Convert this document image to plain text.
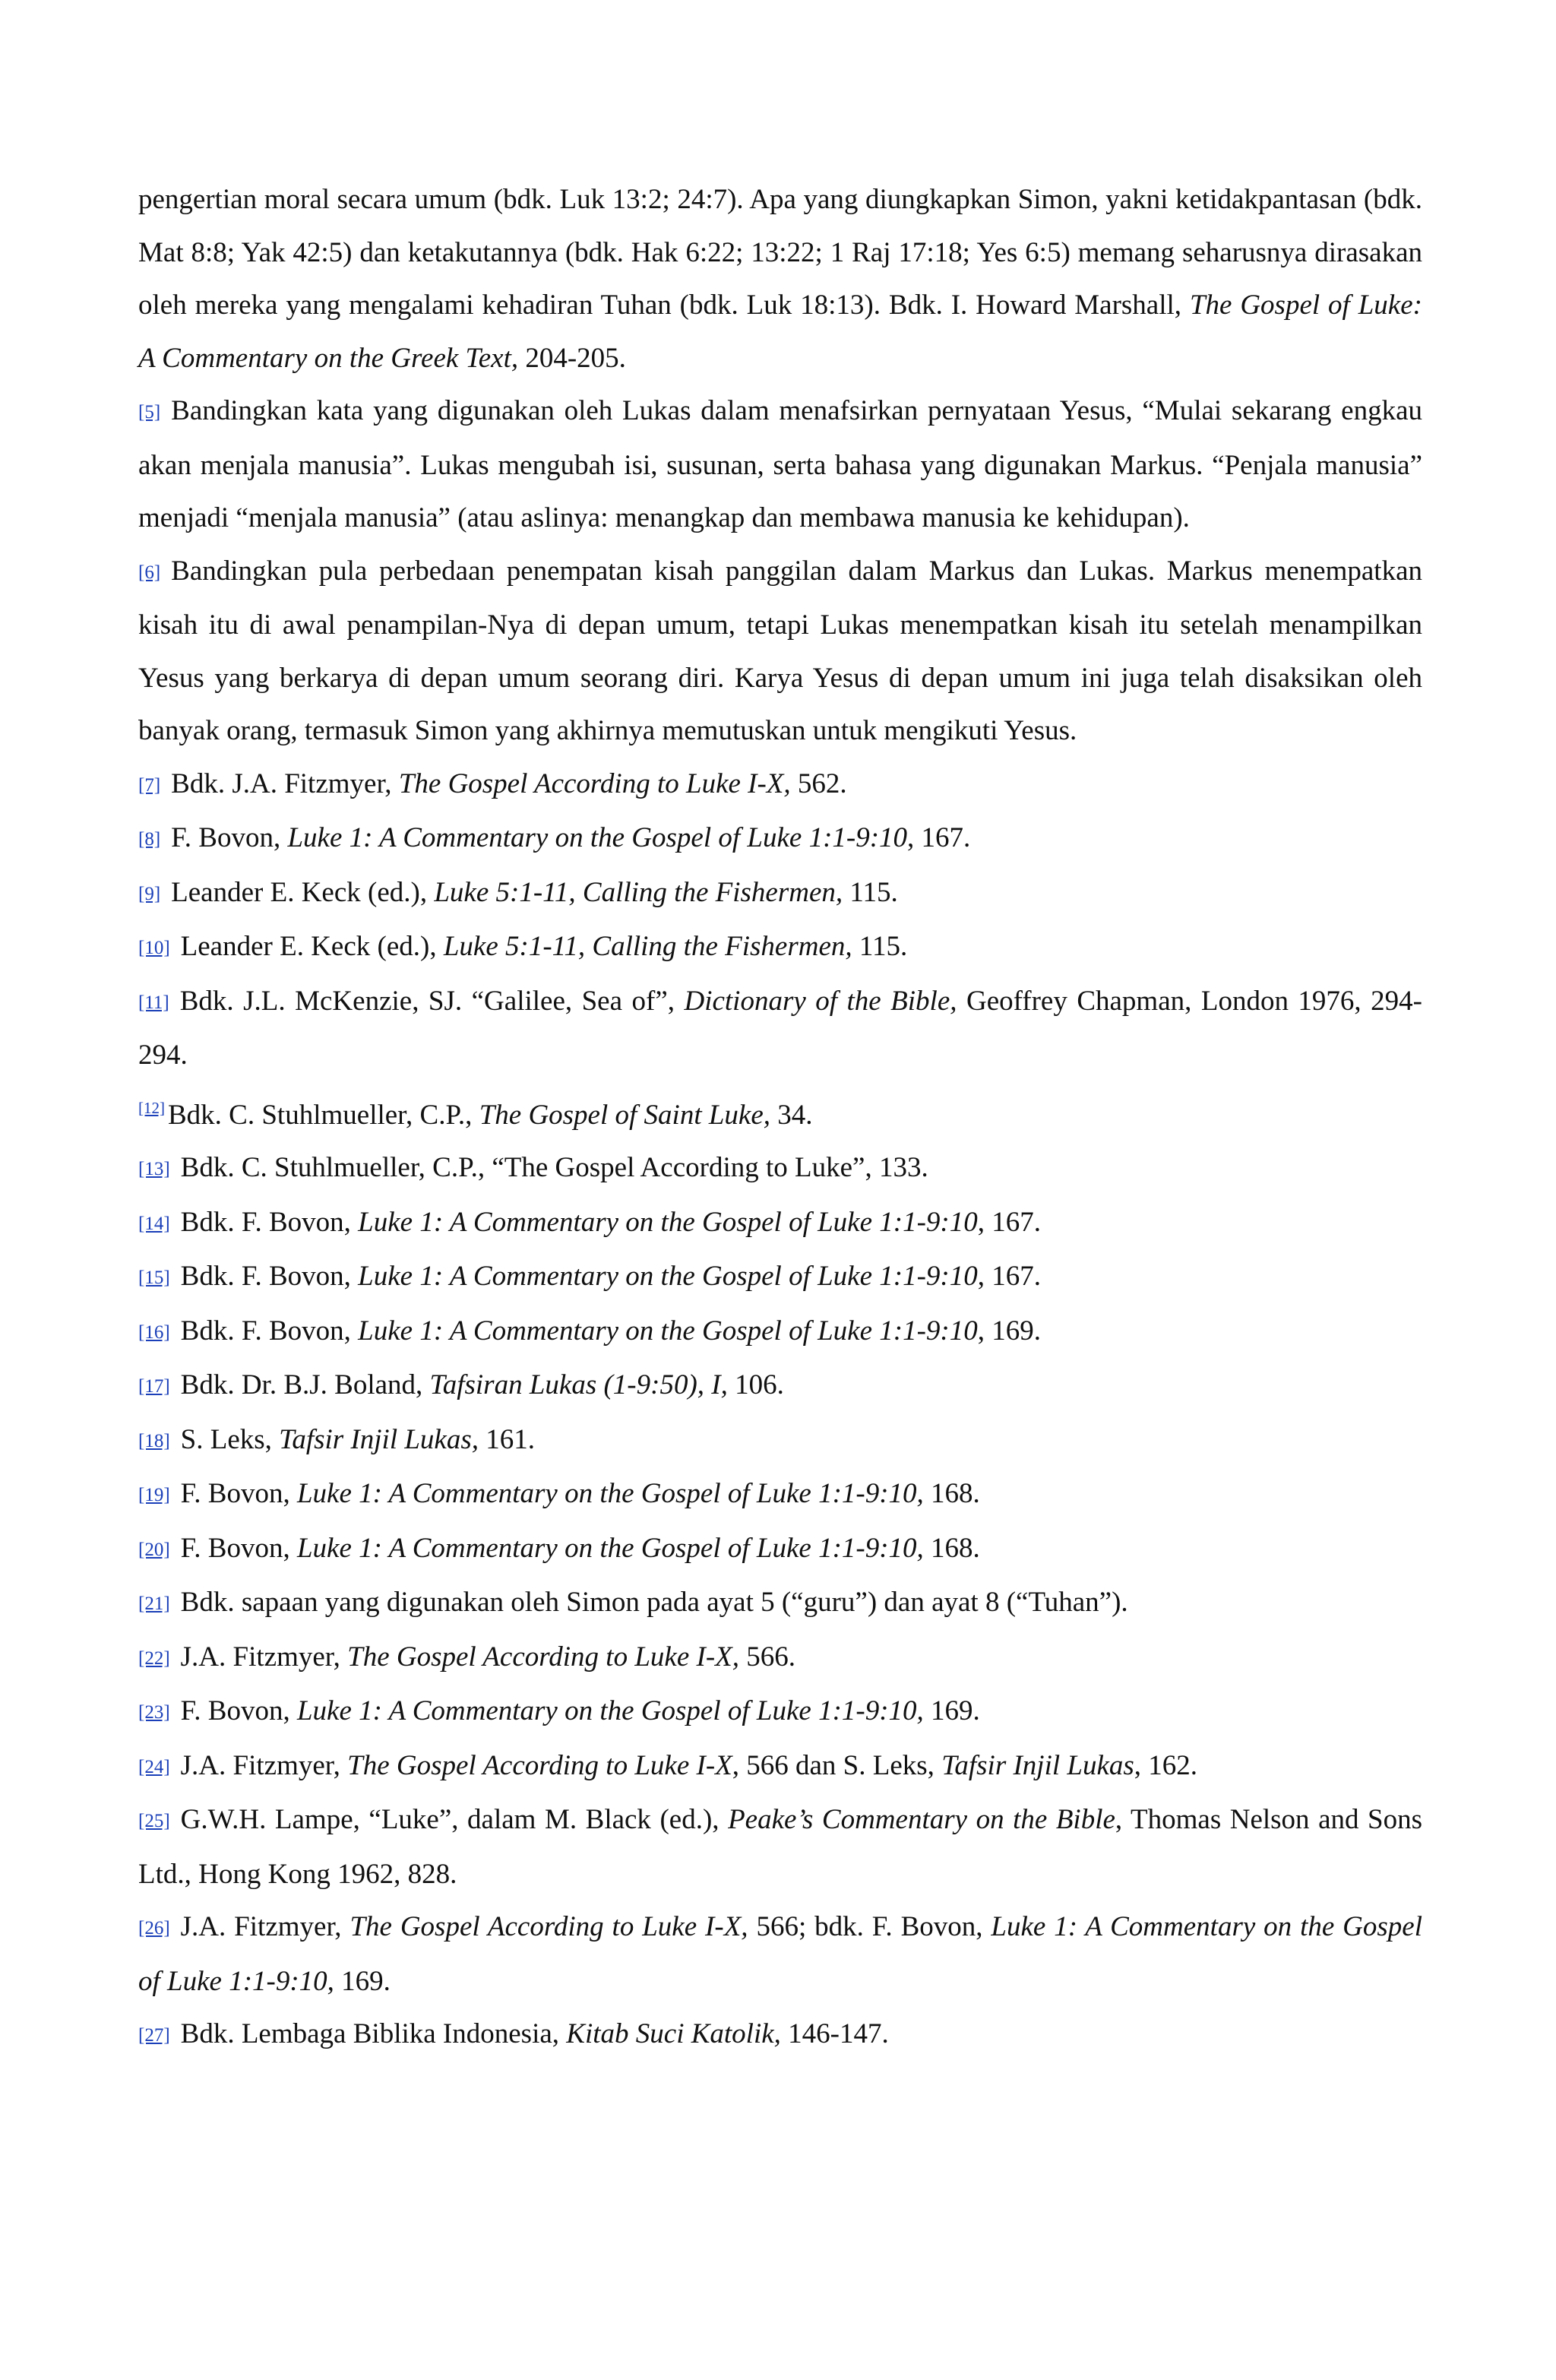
pengertian moral secara umum (bdk. Luk 13:2; 24:7). Apa yang diungkapkan Simon, yakni ketidakpantasan (bdk. Mat 8:8; Yak 42:5) dan ketakutannya (bdk. Hak 6:22; 13:22; 1 Raj 17:18; Yes 6:5) memang seharusnya dirasakan oleh mereka yang mengalami kehadiran Tuhan (bdk. Luk 18:13). Bdk. I. Howard Marshall, The Gospel of Luke: A Commentary on the Greek Text, 204-205.

[5] Bandingkan kata yang digunakan oleh Lukas dalam menafsirkan pernyataan Yesus, “Mulai sekarang engkau akan menjala manusia”. Lukas mengubah isi, susunan, serta bahasa yang digunakan Markus. “Penjala manusia” menjadi “menjala manusia” (atau aslinya: menangkap dan membawa manusia ke kehidupan).

[6] Bandingkan pula perbedaan penempatan kisah panggilan dalam Markus dan Lukas. Markus menempatkan kisah itu di awal penampilan-Nya di depan umum, tetapi Lukas menempatkan kisah itu setelah menampilkan Yesus yang berkarya di depan umum seorang diri. Karya Yesus di depan umum ini juga telah disaksikan oleh banyak orang, termasuk Simon yang akhirnya memutuskan untuk mengikuti Yesus.

[7] Bdk. J.A. Fitzmyer, The Gospel According to Luke I-X, 562.

[8] F. Bovon, Luke 1: A Commentary on the Gospel of Luke 1:1-9:10, 167.

[9] Leander E. Keck (ed.), Luke 5:1-11, Calling the Fishermen, 115.

[10] Leander E. Keck (ed.), Luke 5:1-11, Calling the Fishermen, 115.

[11] Bdk. J.L. McKenzie, SJ. “Galilee, Sea of”, Dictionary of the Bible, Geoffrey Chapman, London 1976, 294-294.

[12] Bdk. C. Stuhlmueller, C.P., The Gospel of Saint Luke, 34.

[13] Bdk. C. Stuhlmueller, C.P., “The Gospel According to Luke”, 133.

[14] Bdk. F. Bovon, Luke 1: A Commentary on the Gospel of Luke 1:1-9:10, 167.

[15] Bdk. F. Bovon, Luke 1: A Commentary on the Gospel of Luke 1:1-9:10, 167.

[16] Bdk. F. Bovon, Luke 1: A Commentary on the Gospel of Luke 1:1-9:10, 169.

[17] Bdk. Dr. B.J. Boland, Tafsiran Lukas (1-9:50), I, 106.

[18] S. Leks, Tafsir Injil Lukas, 161.

[19] F. Bovon, Luke 1: A Commentary on the Gospel of Luke 1:1-9:10, 168.

[20] F. Bovon, Luke 1: A Commentary on the Gospel of Luke 1:1-9:10, 168.

[21] Bdk. sapaan yang digunakan oleh Simon pada ayat 5 (“guru”) dan ayat 8 (“Tuhan”).

[22] J.A. Fitzmyer, The Gospel According to Luke I-X, 566.

[23] F. Bovon, Luke 1: A Commentary on the Gospel of Luke 1:1-9:10, 169.

[24] J.A. Fitzmyer, The Gospel According to Luke I-X, 566 dan S. Leks, Tafsir Injil Lukas, 162.

[25] G.W.H. Lampe, “Luke”, dalam M. Black (ed.), Peake’s Commentary on the Bible, Thomas Nelson and Sons Ltd., Hong Kong 1962, 828.

[26] J.A. Fitzmyer, The Gospel According to Luke I-X, 566; bdk. F. Bovon, Luke 1: A Commentary on the Gospel of Luke 1:1-9:10, 169.

[27] Bdk. Lembaga Biblika Indonesia, Kitab Suci Katolik, 146-147.
